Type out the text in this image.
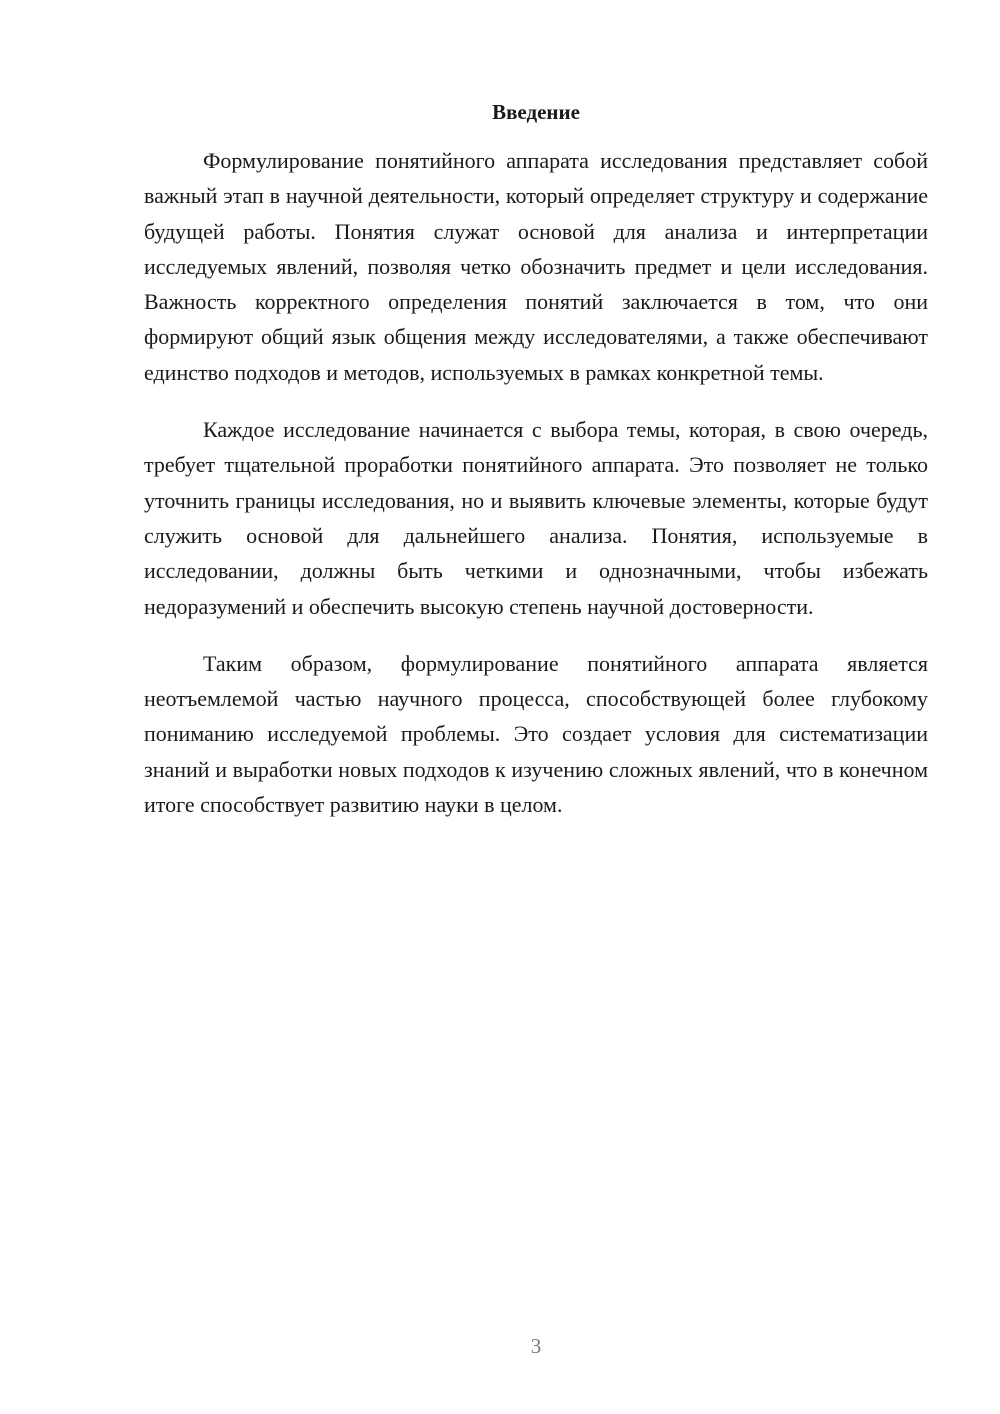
Введение

Формулирование понятийного аппарата исследования представляет собой важный этап в научной деятельности, который определяет структуру и содержание будущей работы. Понятия служат основой для анализа и интерпретации исследуемых явлений, позволяя четко обозначить предмет и цели исследования. Важность корректного определения понятий заключается в том, что они формируют общий язык общения между исследователями, а также обеспечивают единство подходов и методов, используемых в рамках конкретной темы.

Каждое исследование начинается с выбора темы, которая, в свою очередь, требует тщательной проработки понятийного аппарата. Это позволяет не только уточнить границы исследования, но и выявить ключевые элементы, которые будут служить основой для дальнейшего анализа. Понятия, используемые в исследовании, должны быть четкими и однозначными, чтобы избежать недоразумений и обеспечить высокую степень научной достоверности.

Таким образом, формулирование понятийного аппарата является неотъемлемой частью научного процесса, способствующей более глубокому пониманию исследуемой проблемы. Это создает условия для систематизации знаний и выработки новых подходов к изучению сложных явлений, что в конечном итоге способствует развитию науки в целом.

3
